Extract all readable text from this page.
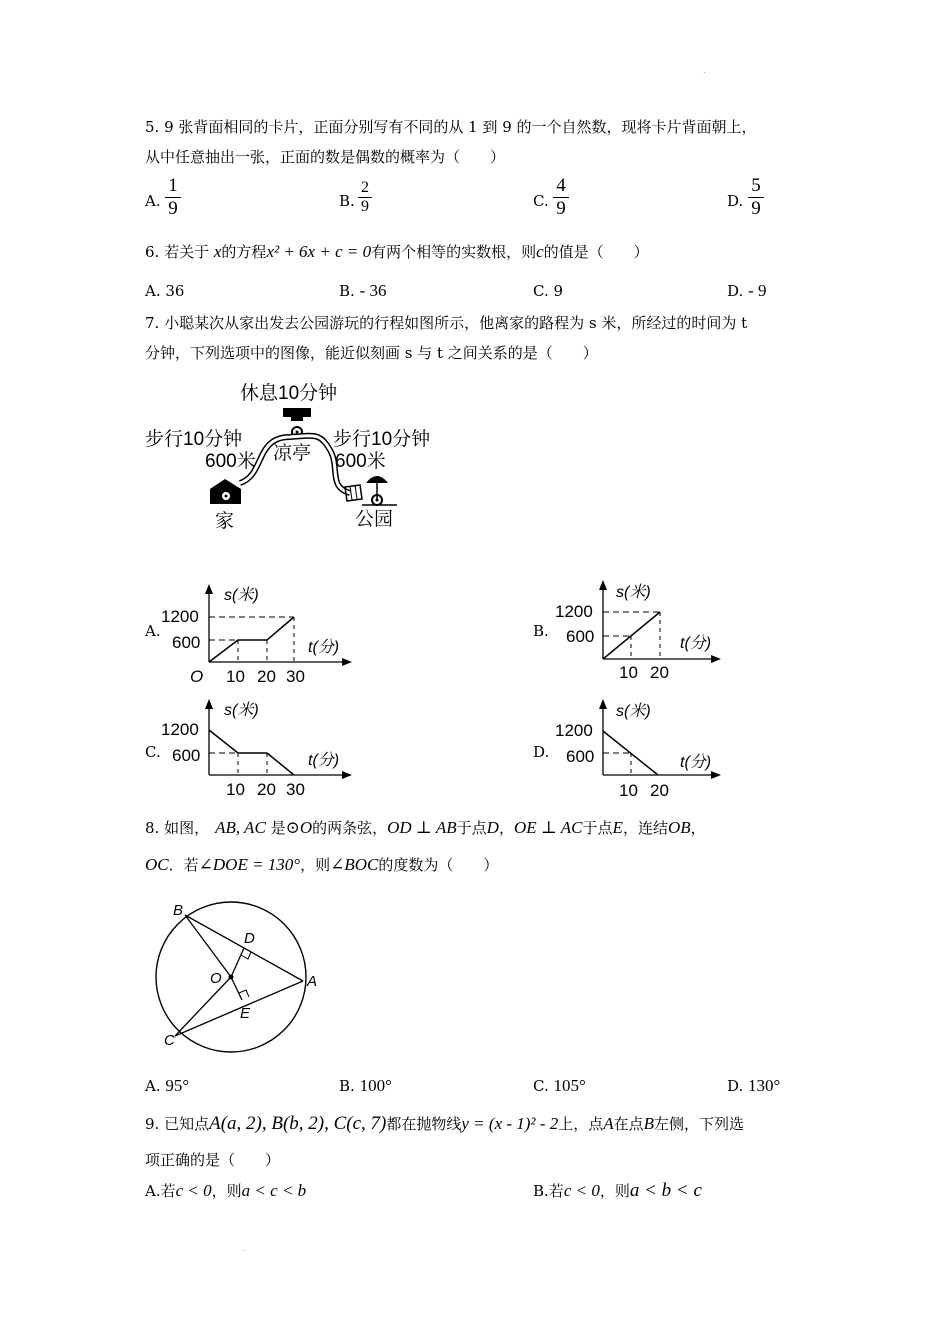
.
.
5. 9 张背面相同的卡片，正面分别写有不同的从 1 到 9 的一个自然数，现将卡片背面朝上，
从中任意抽出一张，正面的数是偶数的概率为（　　）
A.
1
9	B.
2
9	C.
4
9	D.
5
9
6. 若关于 x的方程x² + 6x + c = 0有两个相等的实数根，则c的值是（　　）
A. 36	B. - 36	C. 9	D. - 9
7. 小聪某次从家出发去公园游玩的行程如图所示，他离家的路程为 s 米，所经过的时间为 t
分钟，下列选项中的图像，能近似刻画 s 与 t 之间关系的是（　　）
休息10分钟
步行10分钟
600米 凉亭
步行10分钟
600米
家	公园
A.
s(米)
t(分)
1200
600
O 10 20 30
B.
s(米)
t(分)
1200
600
10 20
C.
s(米)
t(分)
1200
600
10 20 30
D.
s(米)
t(分)
1200
600
10 20
8. 如图， AB, AC 是⊙O的两条弦，OD ⊥ AB于点D，OE ⊥ AC于点E，连结OB，
OC．若∠DOE = 130°，则∠BOC的度数为（　　）
B
D
O	A
E
C
A. 95°	B. 100°	C. 105°	D. 130°
9. 已知点A(a, 2), B(b, 2), C(c, 7)都在抛物线y = (x - 1)² - 2上，点A在点B左侧，下列选
项正确的是（　　）
A.若c < 0，则a < c < b	B.若c < 0，则a < b < c
